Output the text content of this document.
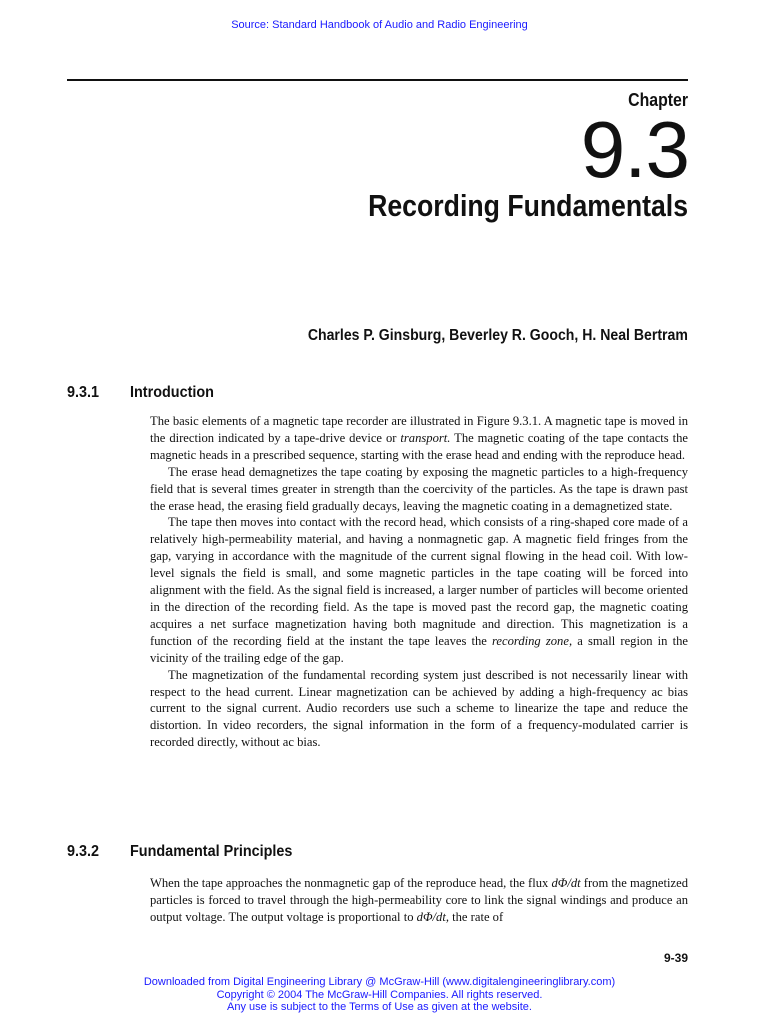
Source: Standard Handbook of Audio and Radio Engineering
Chapter
9.3
Recording Fundamentals
Charles P. Ginsburg, Beverley R. Gooch, H. Neal Bertram
9.3.1 Introduction

The basic elements of a magnetic tape recorder are illustrated in Figure 9.3.1. A magnetic tape is moved in the direction indicated by a tape-drive device or transport. The magnetic coating of the tape contacts the magnetic heads in a prescribed sequence, starting with the erase head and ending with the reproduce head.

The erase head demagnetizes the tape coating by exposing the magnetic particles to a high-frequency field that is several times greater in strength than the coercivity of the particles. As the tape is drawn past the erase head, the erasing field gradually decays, leaving the magnetic coating in a demagnetized state.

The tape then moves into contact with the record head, which consists of a ring-shaped core made of a relatively high-permeability material, and having a nonmagnetic gap. A magnetic field fringes from the gap, varying in accordance with the magnitude of the current signal flowing in the head coil. With low-level signals the field is small, and some magnetic particles in the tape coating will be forced into alignment with the field. As the signal field is increased, a larger number of particles will become oriented in the direction of the recording field. As the tape is moved past the record gap, the magnetic coating acquires a net surface magnetization having both magnitude and direction. This magnetization is a function of the recording field at the instant the tape leaves the recording zone, a small region in the vicinity of the trailing edge of the gap.

The magnetization of the fundamental recording system just described is not necessarily linear with respect to the head current. Linear magnetization can be achieved by adding a high-frequency ac bias current to the signal current. Audio recorders use such a scheme to linearize the tape and reduce the distortion. In video recorders, the signal information in the form of a frequency-modulated carrier is recorded directly, without ac bias.

9.3.2 Fundamental Principles

When the tape approaches the nonmagnetic gap of the reproduce head, the flux dΦ/dt from the magnetized particles is forced to travel through the high-permeability core to link the signal windings and produce an output voltage. The output voltage is proportional to dΦ/dt, the rate of

9-39
Downloaded from Digital Engineering Library @ McGraw-Hill (www.digitalengineeringlibrary.com)
Copyright © 2004 The McGraw-Hill Companies. All rights reserved.
Any use is subject to the Terms of Use as given at the website.
